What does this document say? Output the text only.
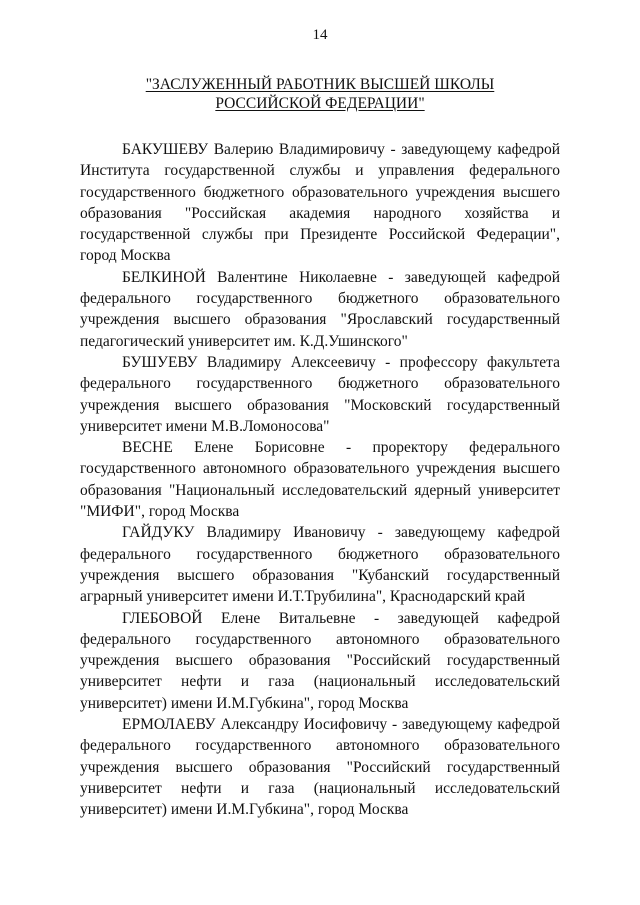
14
"ЗАСЛУЖЕННЫЙ РАБОТНИК ВЫСШЕЙ ШКОЛЫ
РОССИЙСКОЙ ФЕДЕРАЦИИ"

БАКУШЕВУ Валерию Владимировичу - заведующему кафедрой Института государственной службы и управления федерального государственного бюджетного образовательного учреждения высшего образования "Российская академия народного хозяйства и государственной службы при Президенте Российской Федерации", город Москва

БЕЛКИНОЙ Валентине Николаевне - заведующей кафедрой федерального государственного бюджетного образовательного учреждения высшего образования "Ярославский государственный педагогический университет им. К.Д.Ушинского"

БУШУЕВУ Владимиру Алексеевичу - профессору факультета федерального государственного бюджетного образовательного учреждения высшего образования "Московский государственный университет имени М.В.Ломоносова"

ВЕСНЕ Елене Борисовне - проректору федерального государственного автономного образовательного учреждения высшего образования "Национальный исследовательский ядерный университет "МИФИ", город Москва

ГАЙДУКУ Владимиру Ивановичу - заведующему кафедрой федерального государственного бюджетного образовательного учреждения высшего образования "Кубанский государственный аграрный университет имени И.Т.Трубилина", Краснодарский край

ГЛЕБОВОЙ Елене Витальевне - заведующей кафедрой федерального государственного автономного образовательного учреждения высшего образования "Российский государственный университет нефти и газа (национальный исследовательский университет) имени И.М.Губкина", город Москва

ЕРМОЛАЕВУ Александру Иосифовичу - заведующему кафедрой федерального государственного автономного образовательного учреждения высшего образования "Российский государственный университет нефти и газа (национальный исследовательский университет) имени И.М.Губкина", город Москва
